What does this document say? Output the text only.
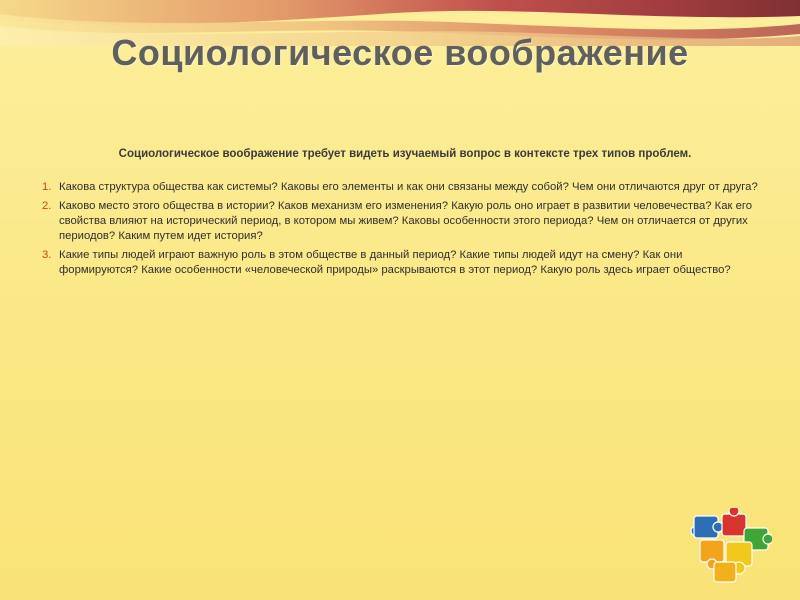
Социологическое воображение
Социологическое воображение требует видеть изучаемый вопрос в контексте трех типов проблем.
1. Какова структура общества как системы? Каковы его элементы и как они связаны между собой? Чем они отличаются друг от друга?
2. Каково место этого общества в истории? Каков механизм его изменения? Какую роль оно играет в развитии человечества? Как его свойства влияют на исторический период, в котором мы живем? Каковы особенности этого периода? Чем он отличается от других периодов? Каким путем идет история?
3. Какие типы людей играют важную роль в этом обществе в данный период? Какие типы людей идут на смену? Как они формируются? Какие особенности «человеческой природы» раскрываются в этот период? Какую роль здесь играет общество?
